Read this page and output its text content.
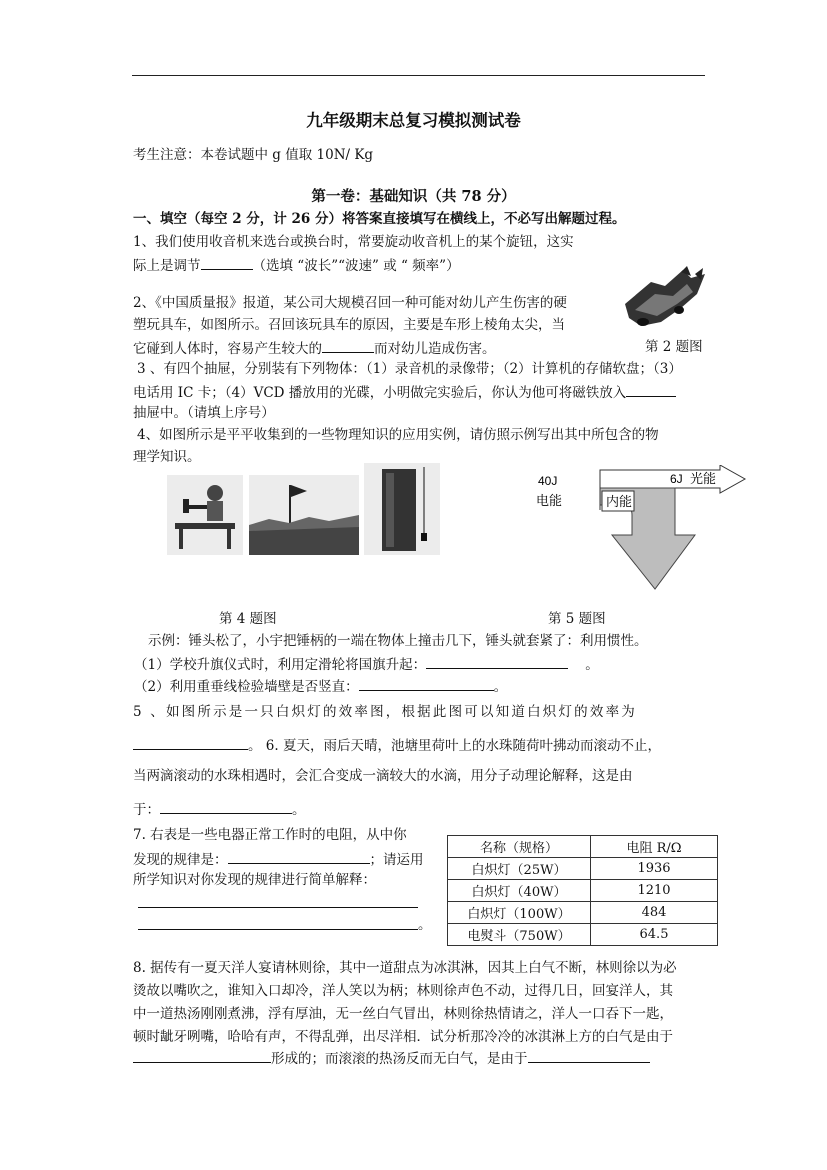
九年级期末总复习模拟测试卷
考生注意：本卷试题中 g 值取 10N/ Kg
第一卷：基础知识（共 78 分）
一、填空（每空 2 分，计 26 分）将答案直接填写在横线上，不必写出解题过程。
1、我们使用收音机来选台或换台时，常要旋动收音机上的某个旋钮，这实
际上是调节	（选填 “波长”“波速” 或 “ 频率”）
2、《中国质量报》报道，某公司大规模召回一种可能对幼儿产生伤害的硬
塑玩具车，如图所示。召回该玩具车的原因，主要是车形上棱角太尖，当
它碰到人体时，容易产生较大的	而对幼儿造成伤害。	第 2 题图
3 、有四个抽屉，分别装有下列物体：（1）录音机的录像带；（2）计算机的存储软盘；（3）
电话用 IC 卡；（4）VCD 播放用的光碟，小明做完实验后，你认为他可将磁铁放入
抽屉中。（请填上序号）
4、如图所示是平平收集到的一些物理知识的应用实例，请仿照示例写出其中所包含的物
理学知识。
40J
电能
6J 光能
内能
第 4 题图	第 5 题图
示例：锤头松了，小宇把锤柄的一端在物体上撞击几下，锤头就套紧了：利用惯性。
（1）学校升旗仪式时，利用定滑轮将国旗升起：	。
（2）利用重垂线检验墙壁是否竖直：	。
5 、如图所示是一只白炽灯的效率图，根据此图可以知道白炽灯的效率为
。 6. 夏天，雨后天晴，池塘里荷叶上的水珠随荷叶拂动而滚动不止，
当两滴滚动的水珠相遇时，会汇合变成一滴较大的水滴，用分子动理论解释，这是由
于：	。
7. 右表是一些电器正常工作时的电阻，从中你
发现的规律是：	；请运用
所学知识对你发现的规律进行简单解释：
。
名称（规格）	电阻 R/Ω
白炽灯（25W）	1936
白炽灯（40W）	1210
白炽灯（100W）	484
电熨斗（750W）	64.5
8. 据传有一夏天洋人宴请林则徐，其中一道甜点为冰淇淋，因其上白气不断，林则徐以为必
烫故以嘴吹之，谁知入口却冷，洋人笑以为柄；林则徐声色不动，过得几日，回宴洋人，其
中一道热汤刚刚煮沸，浮有厚油，无一丝白气冒出，林则徐热情请之，洋人一口吞下一匙，
顿时龇牙咧嘴，哈哈有声，不得乱弹，出尽洋相．试分析那冷冷的冰淇淋上方的白气是由于
形成的；而滚滚的热汤反而无白气，是由于
